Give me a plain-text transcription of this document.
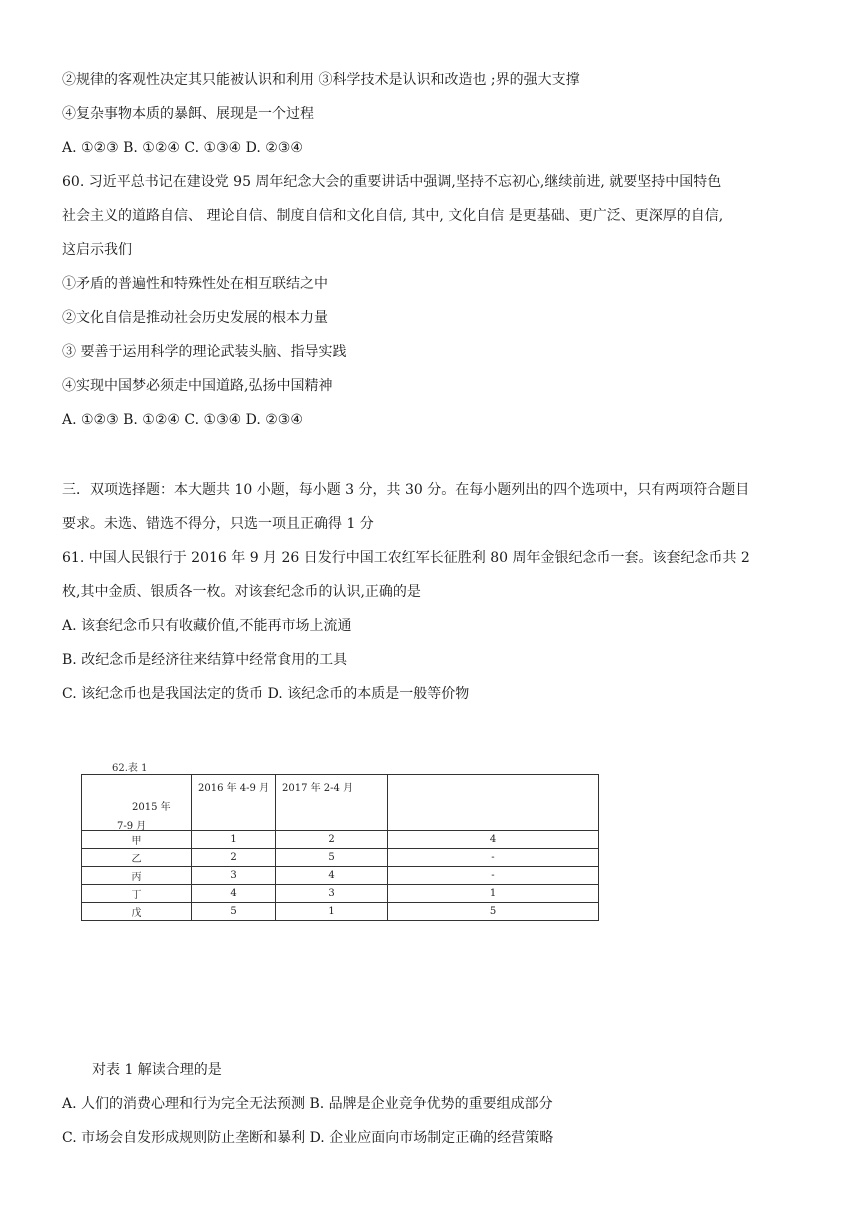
②规律的客观性决定其只能被认识和利用 ③科学技术是认识和改造也 ;界的强大支撑
④复杂事物本质的暴餌、展现是一个过程
A. ①②③ B. ①②④ C. ①③④ D. ②③④
60. 习近平总书记在建设党 95 周年纪念大会的重要讲话中强调,坚持不忘初心,继续前进, 就要坚持中国特色
社会主义的道路自信、 理论自信、制度自信和文化自信, 其中, 文化自信 是更基础、更广泛、更深厚的自信,
这启示我们
①矛盾的普遍性和特殊性处在相互联结之中
②文化自信是推动社会历史发展的根本力量
③ 要善于运用科学的理论武装头脑、指导实践
④实现中国梦必须走中国道路,弘扬中国精神
A. ①②③ B. ①②④ C. ①③④ D. ②③④
三．双项选择题：本大题共 10 小题，每小题 3 分，共 30 分。在每小题列出的四个选项中，只有两项符合题目
要求。未选、错选不得分，只选一项且正确得 1 分
61. 中国人民银行于 2016 年 9 月 26 日发行中国工农红军长征胜利 80 周年金银纪念币一套。该套纪念币共 2
枚,其中金质、银质各一枚。对该套纪念币的认识,正确的是
A. 该套纪念币只有收藏价值,不能再市场上流通
B. 改纪念币是经济往来结算中经常食用的工具
C. 该纪念币也是我国法定的货币 D. 该纪念币的本质是一般等价物
62.表 1
2015 年
7-9 月	2016 年 4-9 月	2017 年 2-4 月	

甲	1	2	4
乙	2	5	-
丙	3	4	-
丁	4	3	1
戊	5	1	5
对表 1 解读合理的是
A. 人们的消费心理和行为完全无法预测 B. 品牌是企业竞争优势的重要组成部分
C. 市场会自发形成规则防止垄断和暴利 D. 企业应面向市场制定正确的经营策略
